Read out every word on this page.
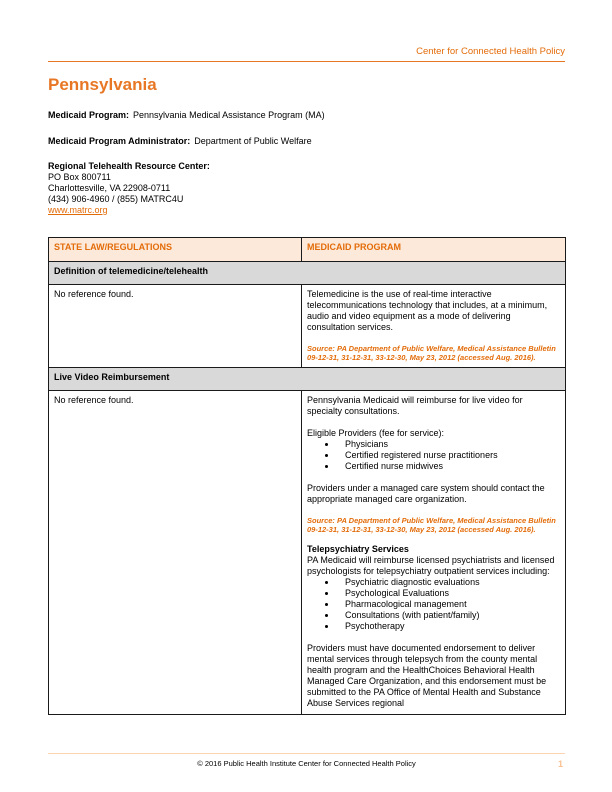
Center for Connected Health Policy
Pennsylvania
Medicaid Program: Pennsylvania Medical Assistance Program (MA)
Medicaid Program Administrator: Department of Public Welfare
Regional Telehealth Resource Center:
PO Box 800711
Charlottesville, VA 22908-0711
(434) 906-4960 / (855) MATRC4U
www.matrc.org
STATE LAW/REGULATIONS	MEDICAID PROGRAM
Definition of telemedicine/telehealth	

No reference found.	Telemedicine is the use of real-time interactive telecommunications technology that includes, at a minimum, audio and video equipment as a mode of delivering consultation services.
Source: PA Department of Public Welfare, Medical Assistance Bulletin 09-12-31, 31-12-31, 33-12-30, May 23, 2012 (accessed Aug. 2016).

Live Video Reimbursement	

No reference found.	Pennsylvania Medicaid will reimburse for live video for specialty consultations.
Eligible Providers (fee for service):
• Physicians
• Certified registered nurse practitioners
• Certified nurse midwives
Providers under a managed care system should contact the appropriate managed care organization.
Source: PA Department of Public Welfare, Medical Assistance Bulletin 09-12-31, 31-12-31, 33-12-30, May 23, 2012 (accessed Aug. 2016).
Telepsychiatry Services
PA Medicaid will reimburse licensed psychiatrists and licensed psychologists for telepsychiatry outpatient services including:
• Psychiatric diagnostic evaluations
• Psychological Evaluations
• Pharmacological management
• Consultations (with patient/family)
• Psychotherapy
Providers must have documented endorsement to deliver mental services through telepsych from the county mental health program and the HealthChoices Behavioral Health Managed Care Organization, and this endorsement must be submitted to the PA Office of Mental Health and Substance Abuse Services regional
© 2016 Public Health Institute Center for Connected Health Policy	1
